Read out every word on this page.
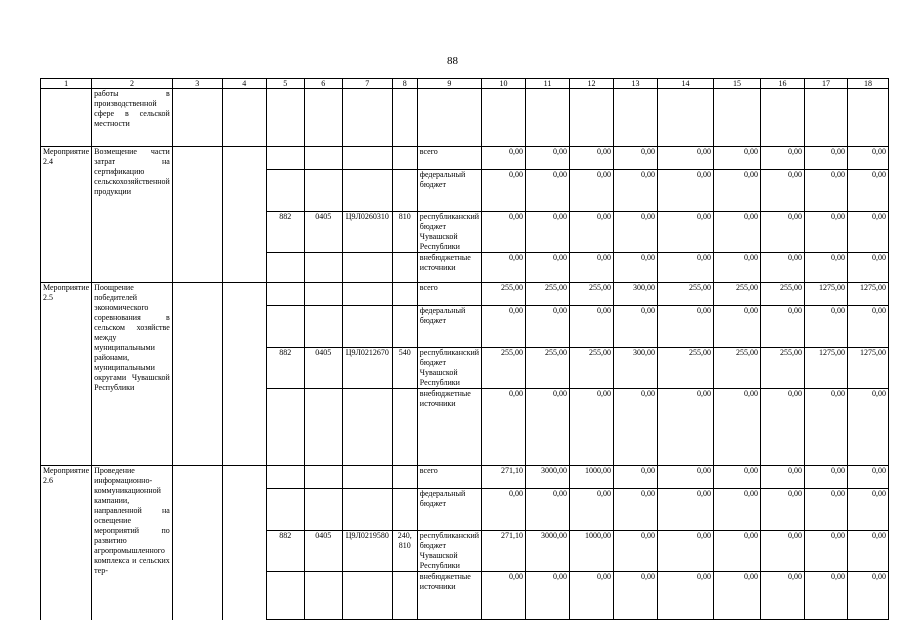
88
1	2	3	4	5	6	7	8	9	10	11	12	13	14	15	16	17	18
	работы в производственной сфере в сельской местности																
Мероприятие 2.4	Возмещение части затрат на сертификацию сельскохозяйственной продукции							всего	0,00	0,00	0,00	0,00	0,00	0,00	0,00	0,00	0,00
								федеральный бюджет	0,00	0,00	0,00	0,00	0,00	0,00	0,00	0,00	0,00
				882	0405	Ц9Л0260310	810	республиканский бюджет Чувашской Республики	0,00	0,00	0,00	0,00	0,00	0,00	0,00	0,00	0,00
								внебюджетные источники	0,00	0,00	0,00	0,00	0,00	0,00	0,00	0,00	0,00
Мероприятие 2.5	Поощрение победителей экономического соревнования в сельском хозяйстве между муниципальными районами, муниципальными округами Чувашской Республики							всего	255,00	255,00	255,00	300,00	255,00	255,00	255,00	1275,00	1275,00
								федеральный бюджет	0,00	0,00	0,00	0,00	0,00	0,00	0,00	0,00	0,00
				882	0405	Ц9Л0212670	540	республиканский бюджет Чувашской Республики	255,00	255,00	255,00	300,00	255,00	255,00	255,00	1275,00	1275,00
								внебюджетные источники	0,00	0,00	0,00	0,00	0,00	0,00	0,00	0,00	0,00
Мероприятие 2.6	Проведение информационно-коммуникационной кампании, направленной на освещение мероприятий по развитию агропромышленного комплекса и сельских тер-							всего	271,10	3000,00	1000,00	0,00	0,00	0,00	0,00	0,00	0,00
								федеральный бюджет	0,00	0,00	0,00	0,00	0,00	0,00	0,00	0,00	0,00
				882	0405	Ц9Л0219580	240, 810	республиканский бюджет Чувашской Республики	271,10	3000,00	1000,00	0,00	0,00	0,00	0,00	0,00	0,00
								внебюджетные источники	0,00	0,00	0,00	0,00	0,00	0,00	0,00	0,00	0,00
